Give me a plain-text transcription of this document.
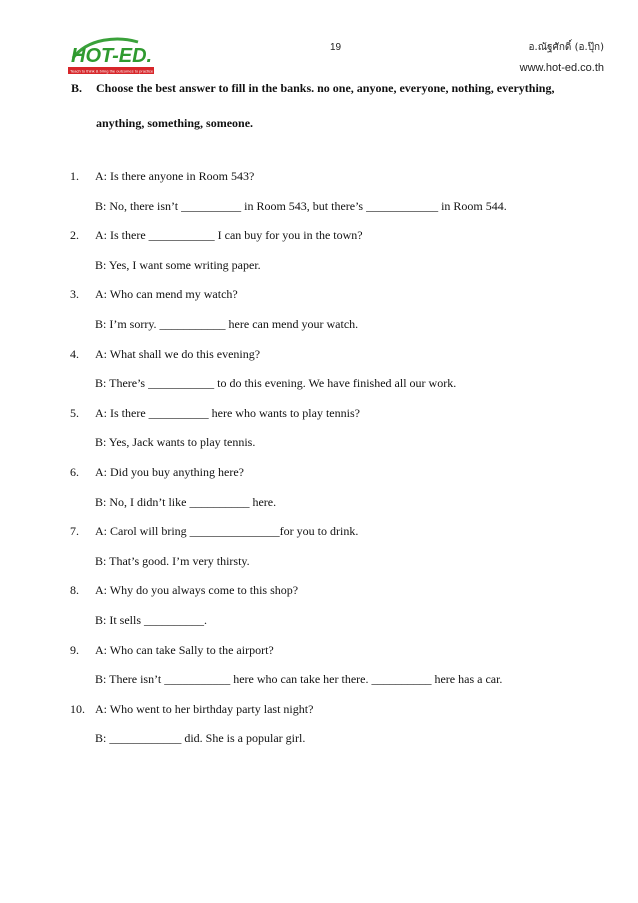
HOT-ED.
Teach to think & bring the outcomes to practice
19	อ.ณัฐศักดิ์ (อ.ปุ๊ก)
www.hot-ed.co.th
B.	Choose the best answer to fill in the banks. no one, anyone, everyone, nothing, everything,
anything, something, someone.
1.	A: Is there anyone in Room 543?
B: No, there isn’t __________ in Room 543, but there’s ____________ in Room 544.
2.	A: Is there ___________ I can buy for you in the town?
B: Yes, I want some writing paper.
3.	A: Who can mend my watch?
B: I’m sorry. ___________ here can mend your watch.
4.	A: What shall we do this evening?
B: There’s ___________ to do this evening. We have finished all our work.
5.	A: Is there __________ here who wants to play tennis?
B: Yes, Jack wants to play tennis.
6.	A: Did you buy anything here?
B: No, I didn’t like __________ here.
7.	A: Carol will bring _______________for you to drink.
B: That’s good. I’m very thirsty.
8.	A: Why do you always come to this shop?
B: It sells __________.
9.	A: Who can take Sally to the airport?
B: There isn’t ___________ here who can take her there. __________ here has a car.
10. A: Who went to her birthday party last night?
B: ____________ did. She is a popular girl.
